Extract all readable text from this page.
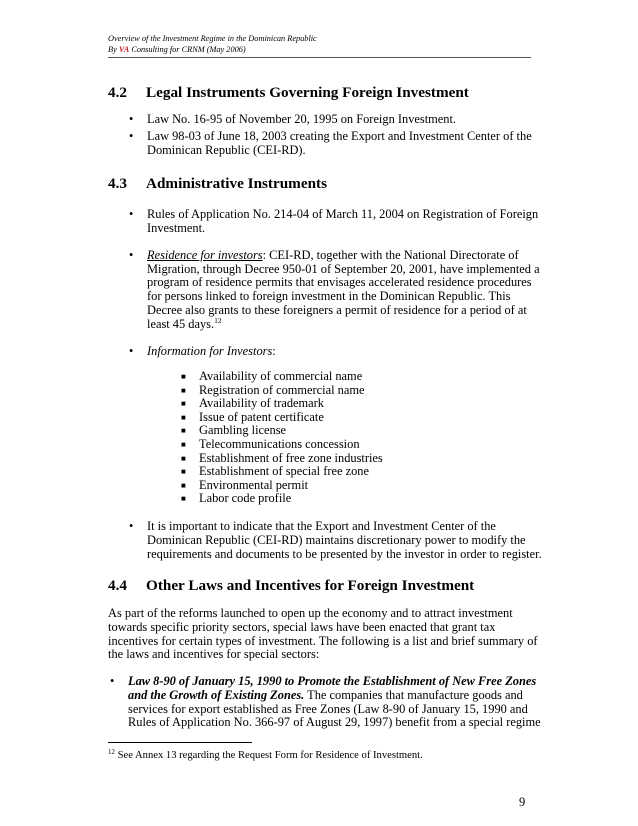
Overview of the Investment Regime in the Dominican Republic
By VA Consulting for CRNM (May 2006)
4.2 Legal Instruments Governing Foreign Investment
• Law No. 16-95 of November 20, 1995 on Foreign Investment.
• Law 98-03 of June 18, 2003 creating the Export and Investment Center of the
Dominican Republic (CEI-RD).
4.3 Administrative Instruments
• Rules of Application No. 214-04 of March 11, 2004 on Registration of Foreign
Investment.
• Residence for investors: CEI-RD, together with the National Directorate of
Migration, through Decree 950-01 of September 20, 2001, have implemented a
program of residence permits that envisages accelerated residence procedures
for persons linked to foreign investment in the Dominican Republic. This
Decree also grants to these foreigners a permit of residence for a period of at
least 45 days.$^{12}$
• Information for Investors:
■ Availability of commercial name
■ Registration of commercial name
■ Availability of trademark
■ Issue of patent certificate
■ Gambling license
■ Telecommunications concession
■ Establishment of free zone industries
■ Establishment of special free zone
■ Environmental permit
■ Labor code profile
• It is important to indicate that the Export and Investment Center of the
Dominican Republic (CEI-RD) maintains discretionary power to modify the
requirements and documents to be presented by the investor in order to register.
4.4 Other Laws and Incentives for Foreign Investment
As part of the reforms launched to open up the economy and to attract investment
towards specific priority sectors, special laws have been enacted that grant tax
incentives for certain types of investment. The following is a list and brief summary of
the laws and incentives for special sectors:
• Law 8-90 of January 15, 1990 to Promote the Establishment of New Free Zones
and the Growth of Existing Zones. The companies that manufacture goods and
services for export established as Free Zones (Law 8-90 of January 15, 1990 and
Rules of Application No. 366-97 of August 29, 1997) benefit from a special regime
$^{12}$ See Annex 13 regarding the Request Form for Residence of Investment.
9
